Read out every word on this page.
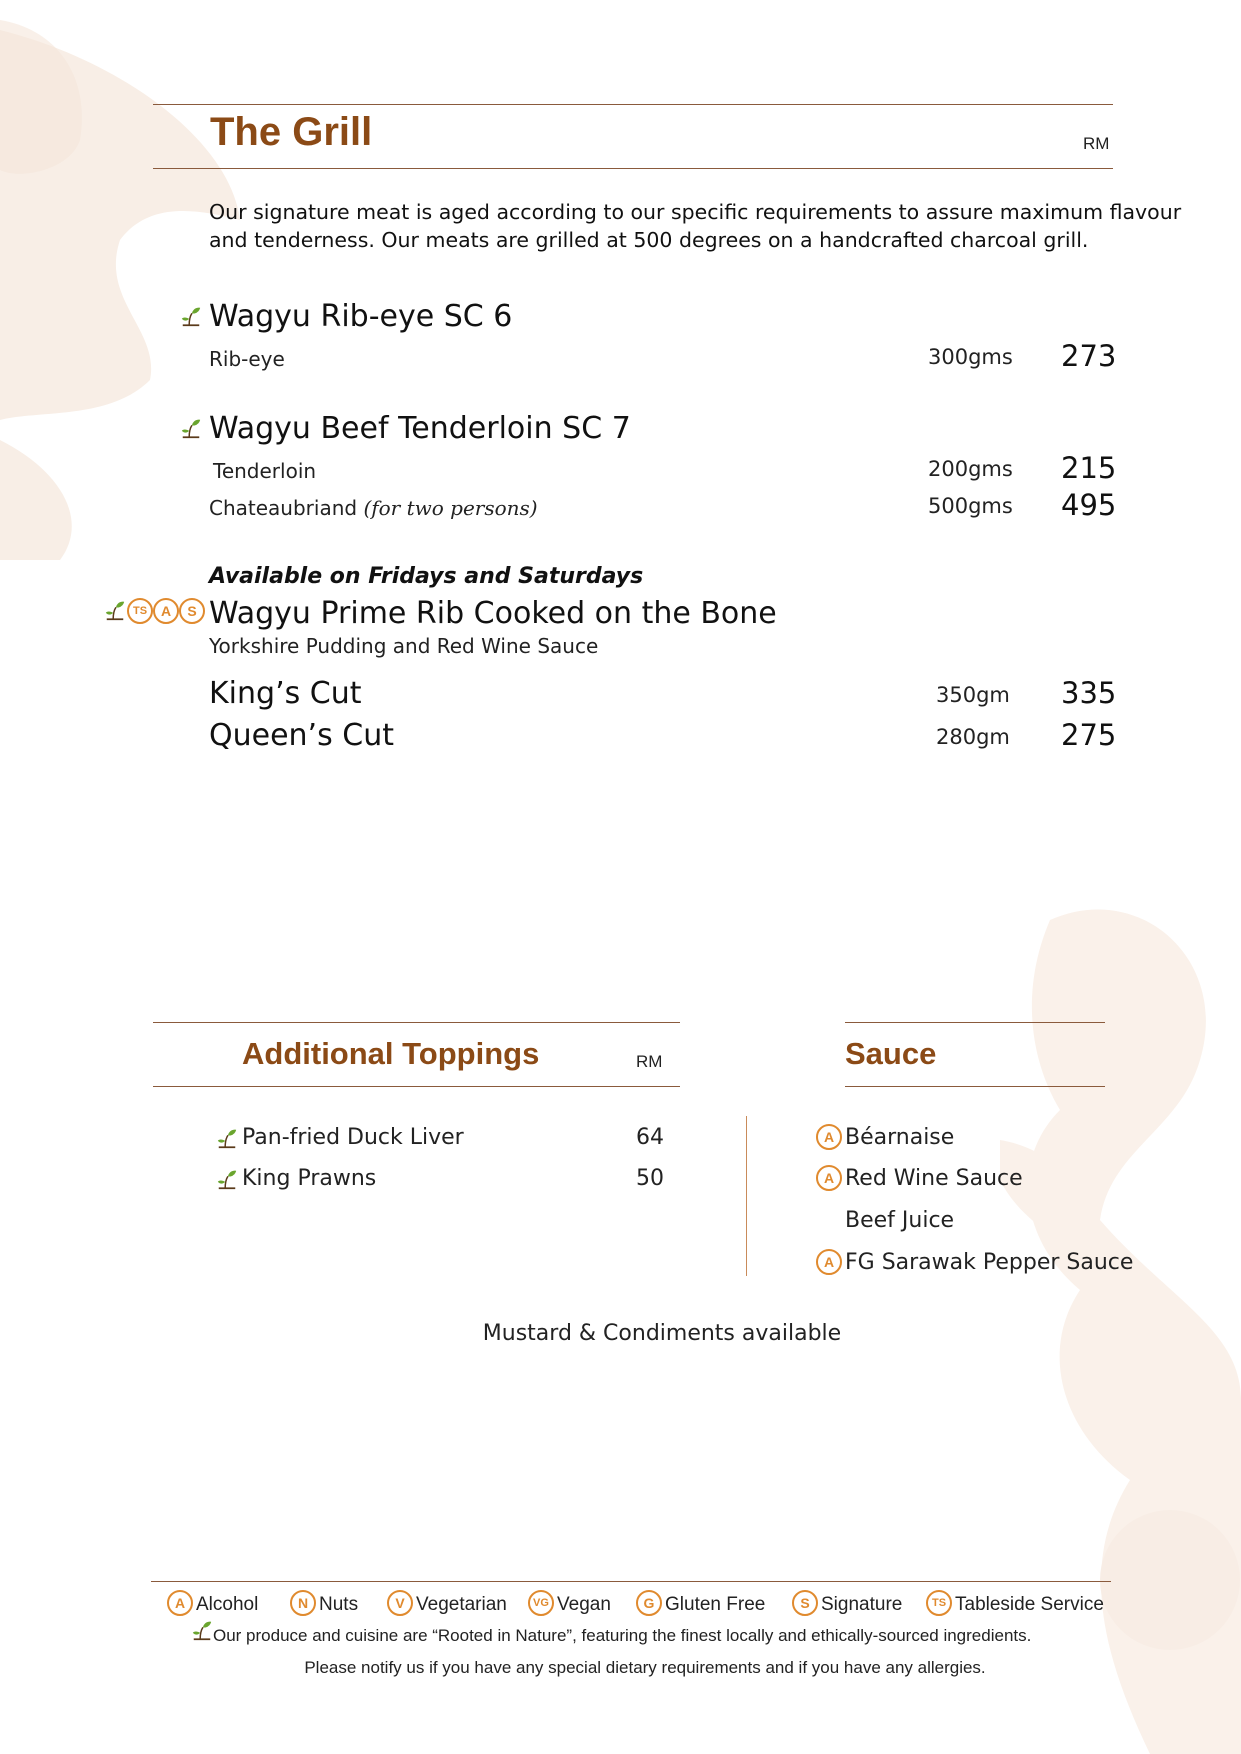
The Grill	RM
Our signature meat is aged according to our specific requirements to assure maximum flavour
and tenderness. Our meats are grilled at 500 degrees on a handcrafted charcoal grill.
Wagyu Rib-eye SC 6
Rib-eye	300gms 273
Wagyu Beef Tenderloin SC 7
Tenderloin	200gms 215
Chateaubriand (for two persons)	500gms 495
Available on Fridays and Saturdays
TS A	S Wagyu Prime Rib Cooked on the Bone
Yorkshire Pudding and Red Wine Sauce
King’s Cut	350gm 335
Queen’s Cut	280gm 275
Additional Toppings	RM
Pan-fried Duck Liver	64
King Prawns	50
Sauce
A Béarnaise
A Red Wine Sauce
Beef Juice
A FG Sarawak Pepper Sauce
Mustard & Condiments available
A Alcohol	N Nuts	V Vegetarian	VG Vegan	G Gluten Free	S Signature	TS Tableside Service
Our produce and cuisine are “Rooted in Nature”, featuring the finest locally and ethically-sourced ingredients.
Please notify us if you have any special dietary requirements and if you have any allergies.
